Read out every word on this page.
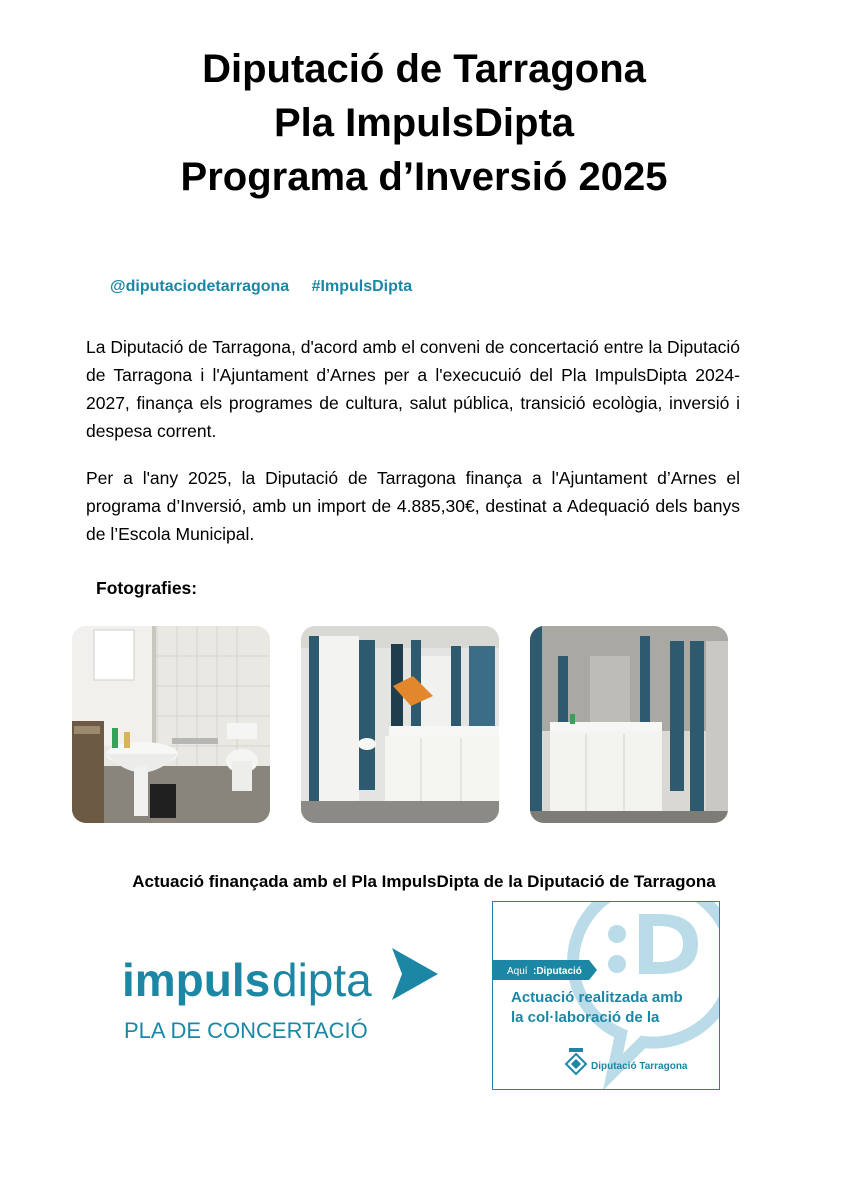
Diputació de Tarragona
Pla ImpulsDipta
Programa d’Inversió 2025
@diputaciodetarragona #ImpulsDipta
La Diputació de Tarragona, d'acord amb el conveni de concertació entre la Diputació de Tarragona i l'Ajuntament d’Arnes per a l'execucuió del Pla ImpulsDipta 2024-2027, finança els programes de cultura, salut pública, transició ecològia, inversió i despesa corrent.
Per a l'any 2025, la Diputació de Tarragona finança a l'Ajuntament d’Arnes el programa d’Inversió, amb un import de 4.885,30€, destinat a Adequació dels banys de l’Escola Municipal.
Fotografies:
Actuació finançada amb el Pla ImpulsDipta de la Diputació de Tarragona
impuls dipta
PLA DE CONCERTACIÓ
Aquí :Diputació
Actuació realitzada amb
la col·laboració de la
Diputació Tarragona
